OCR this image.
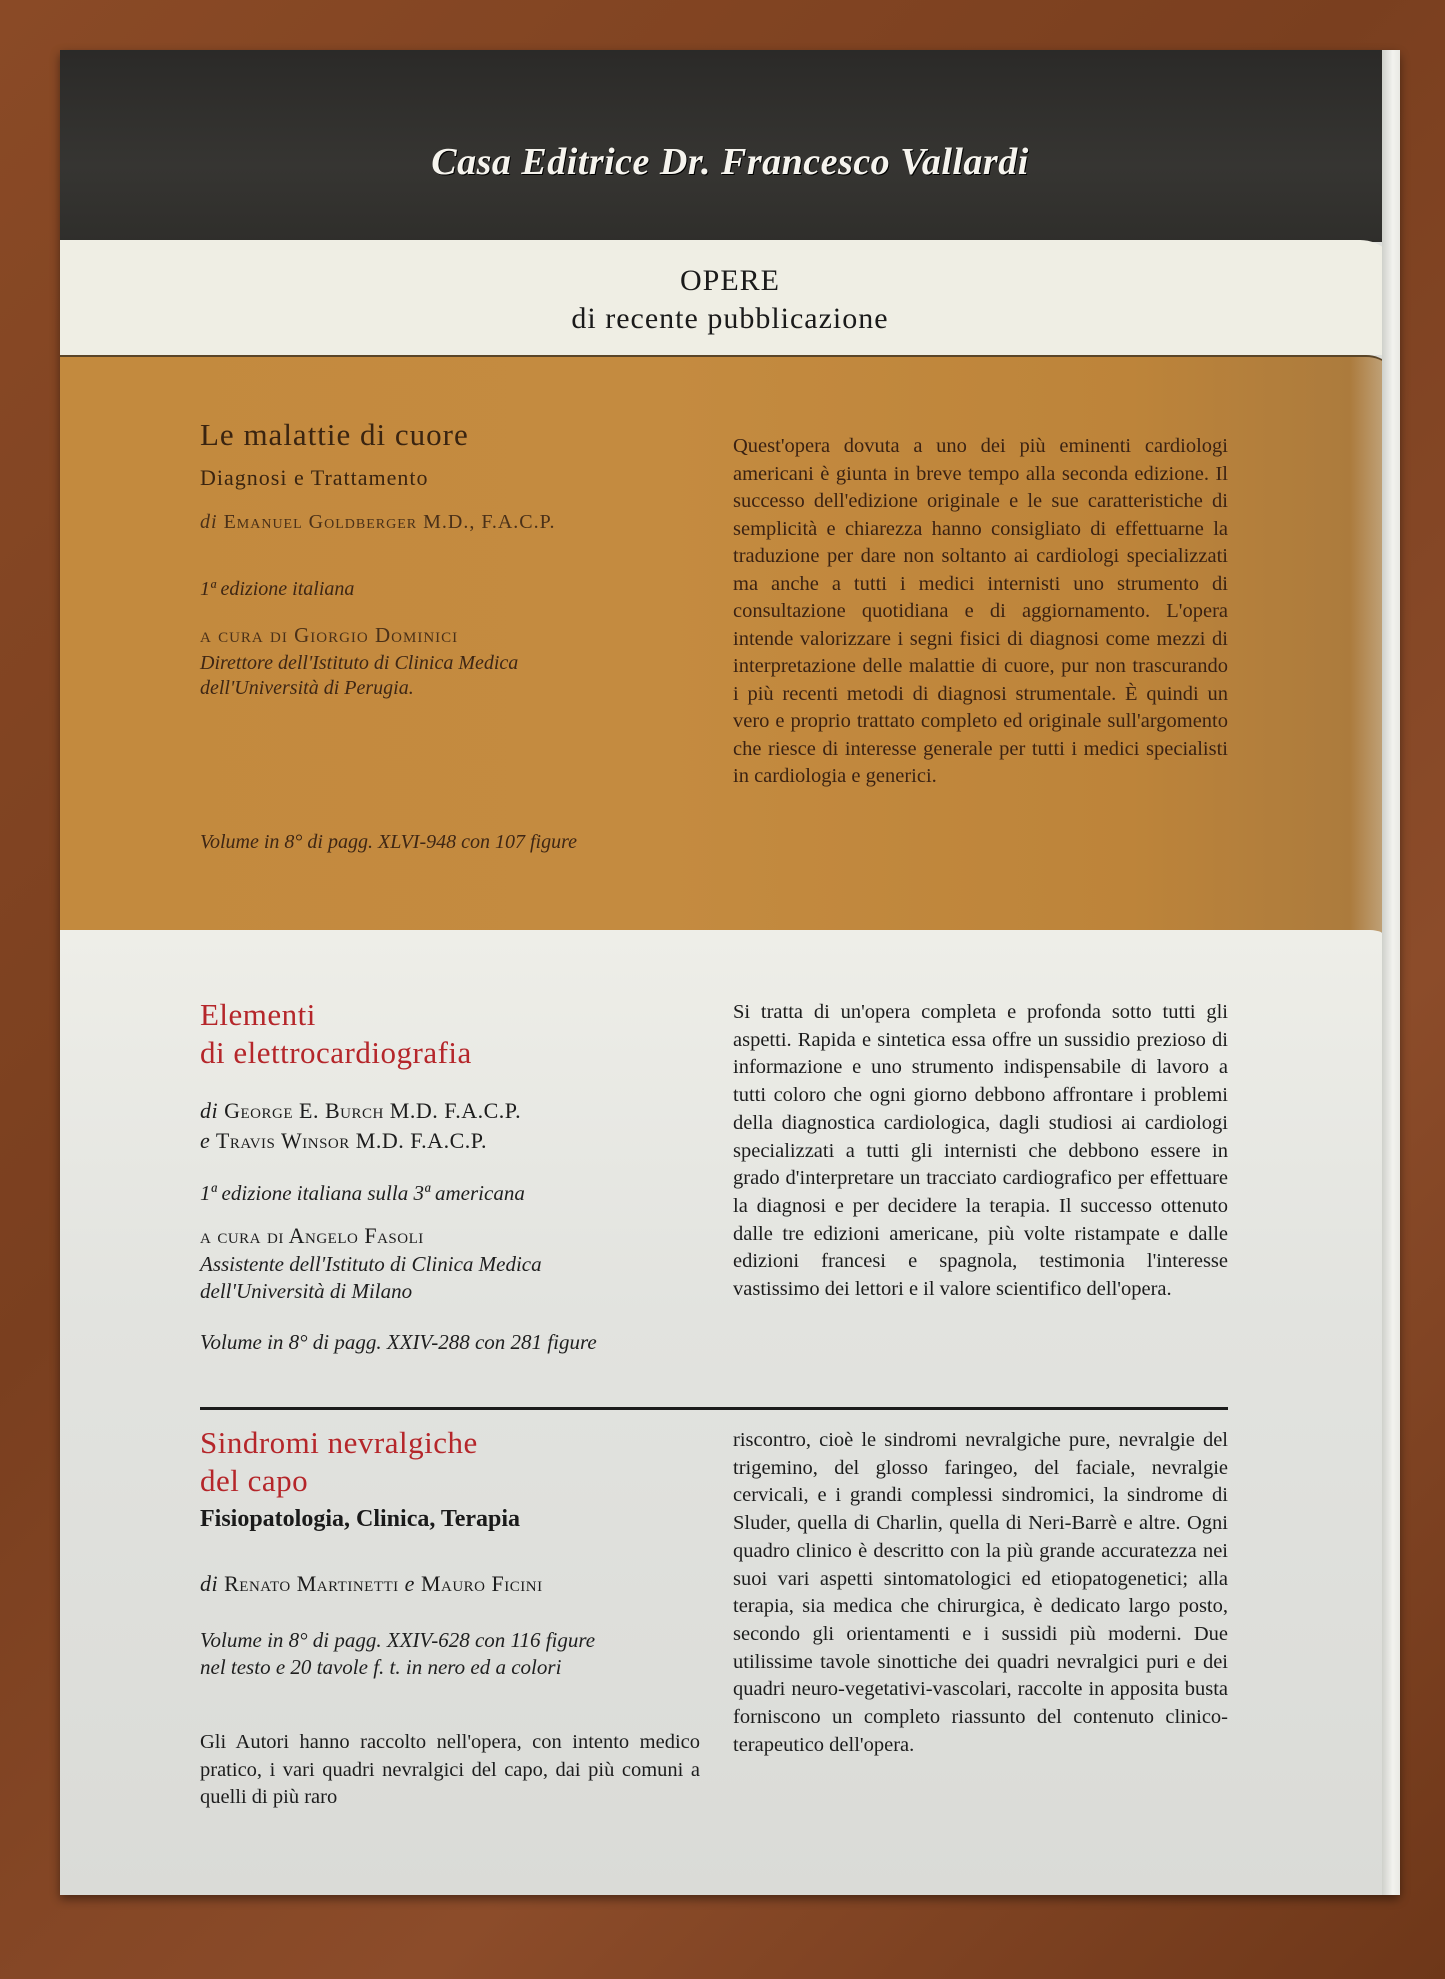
Casa Editrice Dr. Francesco Vallardi
OPERE
di recente pubblicazione
Le malattie di cuore
Diagnosi e Trattamento
di Emanuel Goldberger M.D., F.A.C.P.
1ª edizione italiana
a cura di Giorgio Dominici
Direttore dell'Istituto di Clinica Medica
dell'Università di Perugia.
Volume in 8° di pagg. XLVI-948 con 107 figure
Quest'opera dovuta a uno dei più eminenti cardiologi americani è giunta in breve tempo alla seconda edizione. Il successo dell'edizione originale e le sue caratteristiche di semplicità e chiarezza hanno consigliato di effettuarne la traduzione per dare non soltanto ai cardiologi specializzati ma anche a tutti i medici internisti uno strumento di consultazione quotidiana e di aggiornamento. L'opera intende valorizzare i segni fisici di diagnosi come mezzi di interpretazione delle malattie di cuore, pur non trascurando i più recenti metodi di diagnosi strumentale. È quindi un vero e proprio trattato completo ed originale sull'argomento che riesce di interesse generale per tutti i medici specialisti in cardiologia e generici.
Elementi
di elettrocardiografia
di George E. Burch M.D. F.A.C.P.
e Travis Winsor M.D. F.A.C.P.
1ª edizione italiana sulla 3ª americana
a cura di Angelo Fasoli
Assistente dell'Istituto di Clinica Medica
dell'Università di Milano
Volume in 8° di pagg. XXIV-288 con 281 figure
Si tratta di un'opera completa e profonda sotto tutti gli aspetti. Rapida e sintetica essa offre un sussidio prezioso di informazione e uno strumento indispensabile di lavoro a tutti coloro che ogni giorno debbono affrontare i problemi della diagnostica cardiologica, dagli studiosi ai cardiologi specializzati a tutti gli internisti che debbono essere in grado d'interpretare un tracciato cardiografico per effettuare la diagnosi e per decidere la terapia. Il successo ottenuto dalle tre edizioni americane, più volte ristampate e dalle edizioni francesi e spagnola, testimonia l'interesse vastissimo dei lettori e il valore scientifico dell'opera.
Sindromi nevralgiche
del capo
Fisiopatologia, Clinica, Terapia
di Renato Martinetti e Mauro Ficini
Volume in 8° di pagg. XXIV-628 con 116 figure
nel testo e 20 tavole f. t. in nero ed a colori
Gli Autori hanno raccolto nell'opera, con intento medico pratico, i vari quadri nevralgici del capo, dai più comuni a quelli di più raro
riscontro, cioè le sindromi nevralgiche pure, nevralgie del trigemino, del glosso faringeo, del faciale, nevralgie cervicali, e i grandi complessi sindromici, la sindrome di Sluder, quella di Charlin, quella di Neri-Barrè e altre. Ogni quadro clinico è descritto con la più grande accuratezza nei suoi vari aspetti sintomatologici ed etiopatogenetici; alla terapia, sia medica che chirurgica, è dedicato largo posto, secondo gli orientamenti e i sussidi più moderni. Due utilissime tavole sinottiche dei quadri nevralgici puri e dei quadri neuro-vegetativi-vascolari, raccolte in apposita busta forniscono un completo riassunto del contenuto clinico-terapeutico dell'opera.
